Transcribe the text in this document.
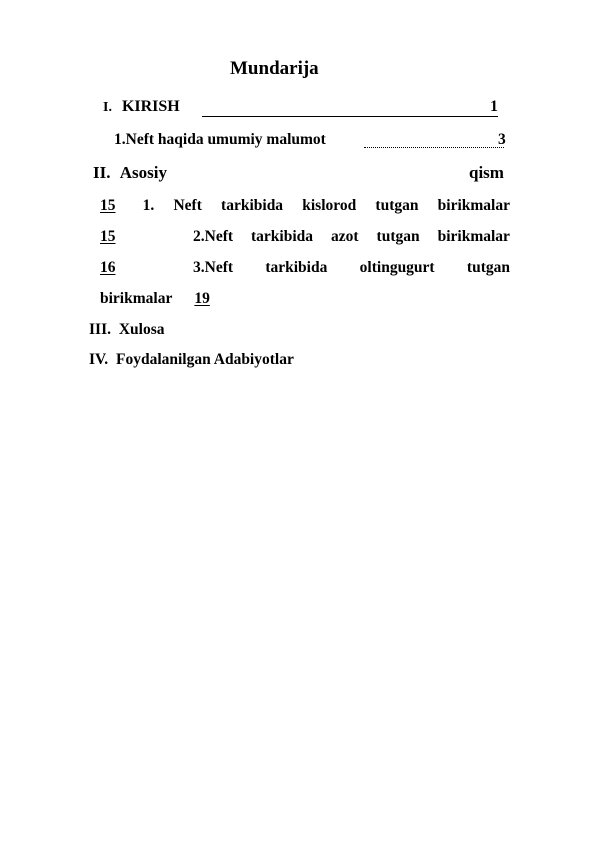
Mundarija
I. KIRISH	1
1.Neft haqida umumiy malumot	3
II. Asosiy	qism
15	1. Neft tarkibida kislorod tutgan birikmalar
15	2.Neft tarkibida azot tutgan birikmalar
16	3.Neft tarkibida oltingugurt tutgan
birikmalar 19
III. Xulosa
IV. Foydalanilgan Adabiyotlar
